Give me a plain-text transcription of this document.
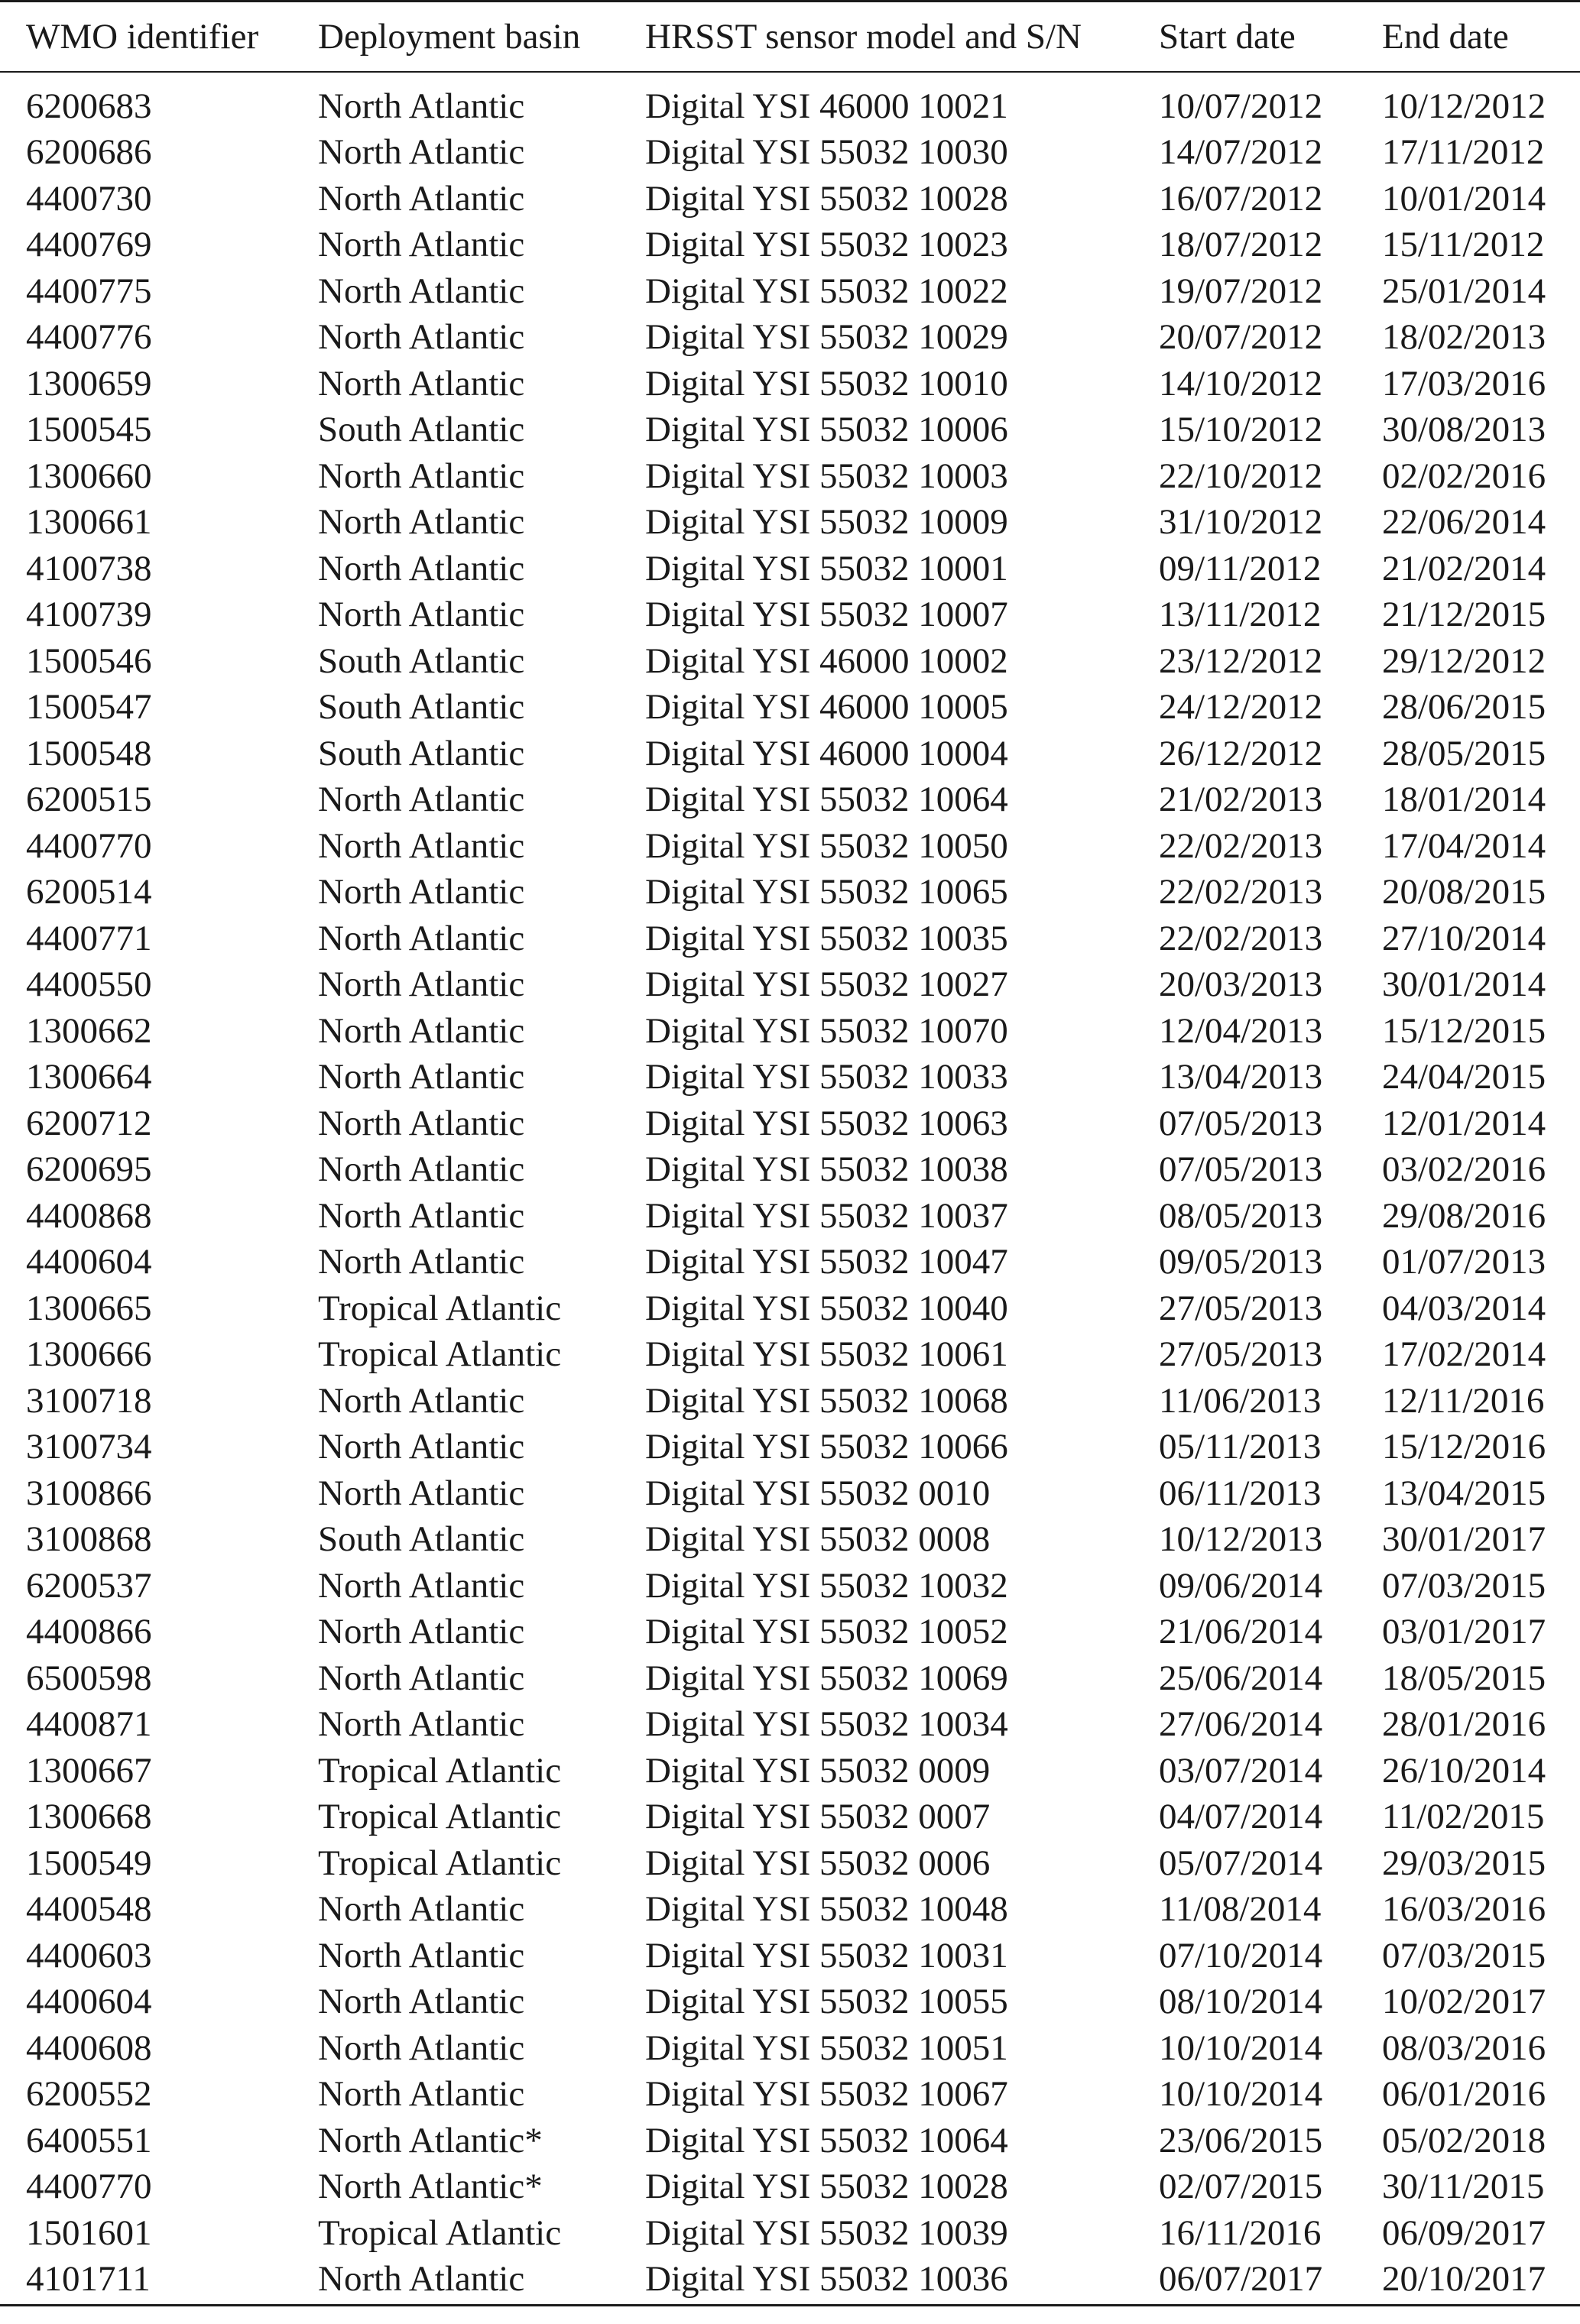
WMO identifier	Deployment basin	HRSST sensor model and S/N	Start date	End date
6200683	North Atlantic	Digital YSI 46000 10021	10/07/2012	10/12/2012
6200686	North Atlantic	Digital YSI 55032 10030	14/07/2012	17/11/2012
4400730	North Atlantic	Digital YSI 55032 10028	16/07/2012	10/01/2014
4400769	North Atlantic	Digital YSI 55032 10023	18/07/2012	15/11/2012
4400775	North Atlantic	Digital YSI 55032 10022	19/07/2012	25/01/2014
4400776	North Atlantic	Digital YSI 55032 10029	20/07/2012	18/02/2013
1300659	North Atlantic	Digital YSI 55032 10010	14/10/2012	17/03/2016
1500545	South Atlantic	Digital YSI 55032 10006	15/10/2012	30/08/2013
1300660	North Atlantic	Digital YSI 55032 10003	22/10/2012	02/02/2016
1300661	North Atlantic	Digital YSI 55032 10009	31/10/2012	22/06/2014
4100738	North Atlantic	Digital YSI 55032 10001	09/11/2012	21/02/2014
4100739	North Atlantic	Digital YSI 55032 10007	13/11/2012	21/12/2015
1500546	South Atlantic	Digital YSI 46000 10002	23/12/2012	29/12/2012
1500547	South Atlantic	Digital YSI 46000 10005	24/12/2012	28/06/2015
1500548	South Atlantic	Digital YSI 46000 10004	26/12/2012	28/05/2015
6200515	North Atlantic	Digital YSI 55032 10064	21/02/2013	18/01/2014
4400770	North Atlantic	Digital YSI 55032 10050	22/02/2013	17/04/2014
6200514	North Atlantic	Digital YSI 55032 10065	22/02/2013	20/08/2015
4400771	North Atlantic	Digital YSI 55032 10035	22/02/2013	27/10/2014
4400550	North Atlantic	Digital YSI 55032 10027	20/03/2013	30/01/2014
1300662	North Atlantic	Digital YSI 55032 10070	12/04/2013	15/12/2015
1300664	North Atlantic	Digital YSI 55032 10033	13/04/2013	24/04/2015
6200712	North Atlantic	Digital YSI 55032 10063	07/05/2013	12/01/2014
6200695	North Atlantic	Digital YSI 55032 10038	07/05/2013	03/02/2016
4400868	North Atlantic	Digital YSI 55032 10037	08/05/2013	29/08/2016
4400604	North Atlantic	Digital YSI 55032 10047	09/05/2013	01/07/2013
1300665	Tropical Atlantic	Digital YSI 55032 10040	27/05/2013	04/03/2014
1300666	Tropical Atlantic	Digital YSI 55032 10061	27/05/2013	17/02/2014
3100718	North Atlantic	Digital YSI 55032 10068	11/06/2013	12/11/2016
3100734	North Atlantic	Digital YSI 55032 10066	05/11/2013	15/12/2016
3100866	North Atlantic	Digital YSI 55032 0010	06/11/2013	13/04/2015
3100868	South Atlantic	Digital YSI 55032 0008	10/12/2013	30/01/2017
6200537	North Atlantic	Digital YSI 55032 10032	09/06/2014	07/03/2015
4400866	North Atlantic	Digital YSI 55032 10052	21/06/2014	03/01/2017
6500598	North Atlantic	Digital YSI 55032 10069	25/06/2014	18/05/2015
4400871	North Atlantic	Digital YSI 55032 10034	27/06/2014	28/01/2016
1300667	Tropical Atlantic	Digital YSI 55032 0009	03/07/2014	26/10/2014
1300668	Tropical Atlantic	Digital YSI 55032 0007	04/07/2014	11/02/2015
1500549	Tropical Atlantic	Digital YSI 55032 0006	05/07/2014	29/03/2015
4400548	North Atlantic	Digital YSI 55032 10048	11/08/2014	16/03/2016
4400603	North Atlantic	Digital YSI 55032 10031	07/10/2014	07/03/2015
4400604	North Atlantic	Digital YSI 55032 10055	08/10/2014	10/02/2017
4400608	North Atlantic	Digital YSI 55032 10051	10/10/2014	08/03/2016
6200552	North Atlantic	Digital YSI 55032 10067	10/10/2014	06/01/2016
6400551	North Atlantic*	Digital YSI 55032 10064	23/06/2015	05/02/2018
4400770	North Atlantic*	Digital YSI 55032 10028	02/07/2015	30/11/2015
1501601	Tropical Atlantic	Digital YSI 55032 10039	16/11/2016	06/09/2017
4101711	North Atlantic	Digital YSI 55032 10036	06/07/2017	20/10/2017
